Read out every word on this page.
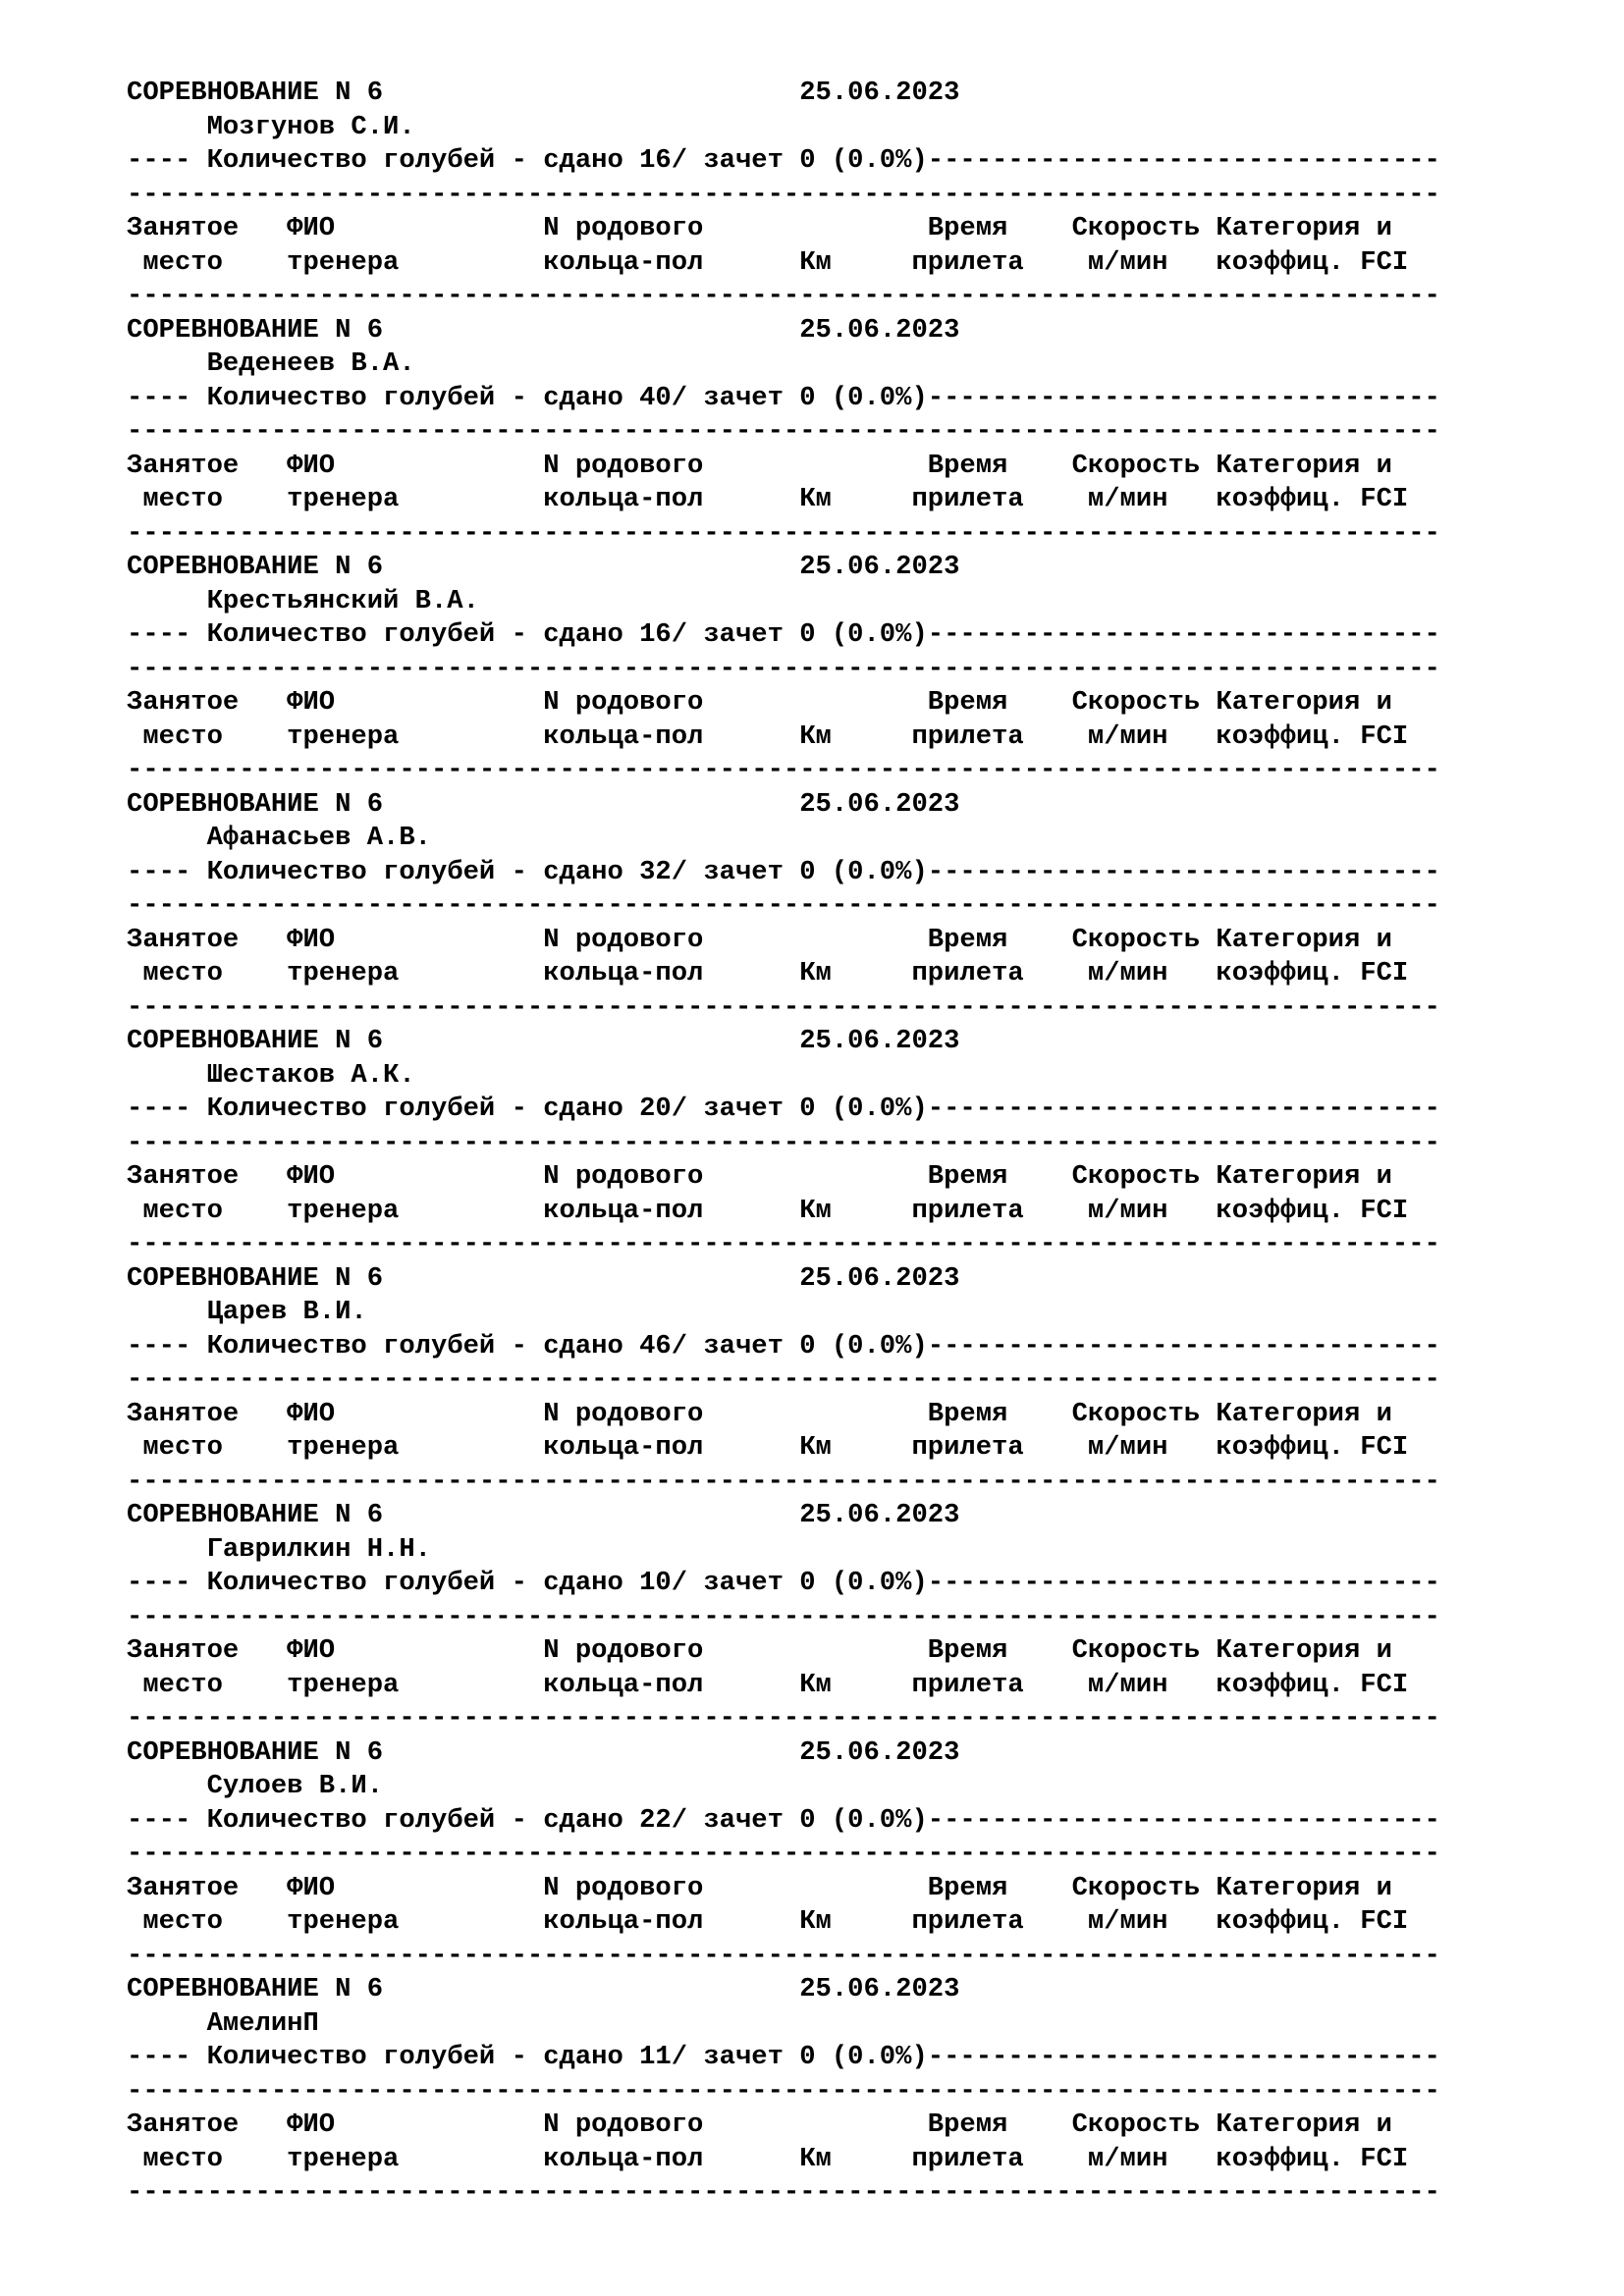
СОРЕВНОВАНИЕ N 6                          25.06.2023
Мозгунов С.И.
---- Количество голубей - сдано 16/ зачет 0 (0.0%)--------------------------------
----------------------------------------------------------------------------------
Занятое   ФИО             N родового              Время    Скорость Категория и
место    тренера         кольца-пол      Км     прилета    м/мин   коэффиц. FCI
----------------------------------------------------------------------------------
СОРЕВНОВАНИЕ N 6                          25.06.2023
Веденеев В.А.
---- Количество голубей - сдано 40/ зачет 0 (0.0%)--------------------------------
----------------------------------------------------------------------------------
Занятое   ФИО             N родового              Время    Скорость Категория и
место    тренера         кольца-пол      Км     прилета    м/мин   коэффиц. FCI
----------------------------------------------------------------------------------
СОРЕВНОВАНИЕ N 6                          25.06.2023
Крестьянский В.А.
---- Количество голубей - сдано 16/ зачет 0 (0.0%)--------------------------------
----------------------------------------------------------------------------------
Занятое   ФИО             N родового              Время    Скорость Категория и
место    тренера         кольца-пол      Км     прилета    м/мин   коэффиц. FCI
----------------------------------------------------------------------------------
СОРЕВНОВАНИЕ N 6                          25.06.2023
Афанасьев А.В.
---- Количество голубей - сдано 32/ зачет 0 (0.0%)--------------------------------
----------------------------------------------------------------------------------
Занятое   ФИО             N родового              Время    Скорость Категория и
место    тренера         кольца-пол      Км     прилета    м/мин   коэффиц. FCI
----------------------------------------------------------------------------------
СОРЕВНОВАНИЕ N 6                          25.06.2023
Шестаков А.К.
---- Количество голубей - сдано 20/ зачет 0 (0.0%)--------------------------------
----------------------------------------------------------------------------------
Занятое   ФИО             N родового              Время    Скорость Категория и
место    тренера         кольца-пол      Км     прилета    м/мин   коэффиц. FCI
----------------------------------------------------------------------------------
СОРЕВНОВАНИЕ N 6                          25.06.2023
Царев В.И.
---- Количество голубей - сдано 46/ зачет 0 (0.0%)--------------------------------
----------------------------------------------------------------------------------
Занятое   ФИО             N родового              Время    Скорость Категория и
место    тренера         кольца-пол      Км     прилета    м/мин   коэффиц. FCI
----------------------------------------------------------------------------------
СОРЕВНОВАНИЕ N 6                          25.06.2023
Гаврилкин Н.Н.
---- Количество голубей - сдано 10/ зачет 0 (0.0%)--------------------------------
----------------------------------------------------------------------------------
Занятое   ФИО             N родового              Время    Скорость Категория и
место    тренера         кольца-пол      Км     прилета    м/мин   коэффиц. FCI
----------------------------------------------------------------------------------
СОРЕВНОВАНИЕ N 6                          25.06.2023
Сулоев В.И.
---- Количество голубей - сдано 22/ зачет 0 (0.0%)--------------------------------
----------------------------------------------------------------------------------
Занятое   ФИО             N родового              Время    Скорость Категория и
место    тренера         кольца-пол      Км     прилета    м/мин   коэффиц. FCI
----------------------------------------------------------------------------------
СОРЕВНОВАНИЕ N 6                          25.06.2023
АмелинП
---- Количество голубей - сдано 11/ зачет 0 (0.0%)--------------------------------
----------------------------------------------------------------------------------
Занятое   ФИО             N родового              Время    Скорость Категория и
место    тренера         кольца-пол      Км     прилета    м/мин   коэффиц. FCI
----------------------------------------------------------------------------------
